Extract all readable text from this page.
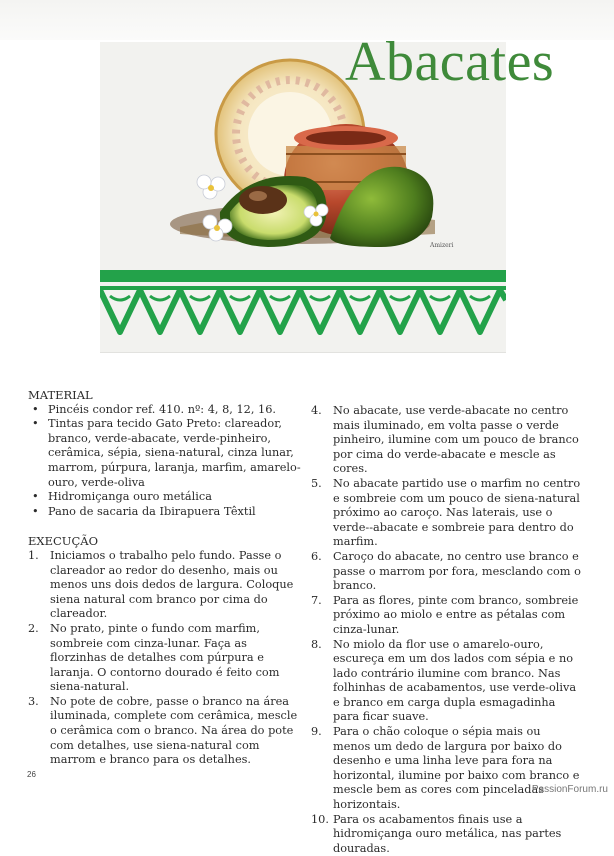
Amizeri
Abacates
MATERIAL
• Pincéis condor ref. 410. nº: 4, 8, 12, 16.
• Tintas para tecido Gato Preto: clareador, branco, verde-abacate, verde-pinheiro, cerâmica, sépia, siena-natural, cinza lunar, marrom, púrpura, laranja, marfim, amarelo-ouro, verde-oliva
• Hidromiçanga ouro metálica
• Pano de sacaria da Ibirapuera Têxtil
EXECUÇÃO
1. Iniciamos o trabalho pelo fundo. Passe o clareador ao redor do desenho, mais ou menos uns dois dedos de largura. Coloque siena natural com branco por cima do clareador.
2. No prato, pinte o fundo com marfim, sombreie com cinza-lunar. Faça as florzinhas de detalhes com púrpura e laranja. O contorno dourado é feito com siena-natural.
3. No pote de cobre, passe o branco na área iluminada, complete com cerâmica, mescle o cerâmica com o branco. Na área do pote com detalhes, use siena-natural com marrom e branco para os detalhes.
4. No abacate, use verde-abacate no centro mais iluminado, em volta passe o verde pinheiro, ilumine com um pouco de branco por cima do verde-abacate e mescle as cores.
5. No abacate partido use o marfim no centro e sombreie com um pouco de siena-natural próximo ao caroço. Nas laterais, use o verde--abacate e sombreie para dentro do marfim.
6. Caroço do abacate, no centro use branco e passe o marrom por fora, mesclando com o branco.
7. Para as flores, pinte com branco, sombreie próximo ao miolo e entre as pétalas com cinza-lunar.
8. No miolo da flor use o amarelo-ouro, escureça em um dos lados com sépia e no lado contrário ilumine com branco. Nas folhinhas de acabamentos, use verde-oliva e branco em carga dupla esmagadinha para ficar suave.
9. Para o chão coloque o sépia mais ou menos um dedo de largura por baixo do desenho e uma linha leve para fora na horizontal, ilumine por baixo com branco e mescle bem as cores com pinceladas horizontais.
10. Para os acabamentos finais use a hidromiçanga ouro metálica, nas partes douradas.
26
PassionForum.ru
